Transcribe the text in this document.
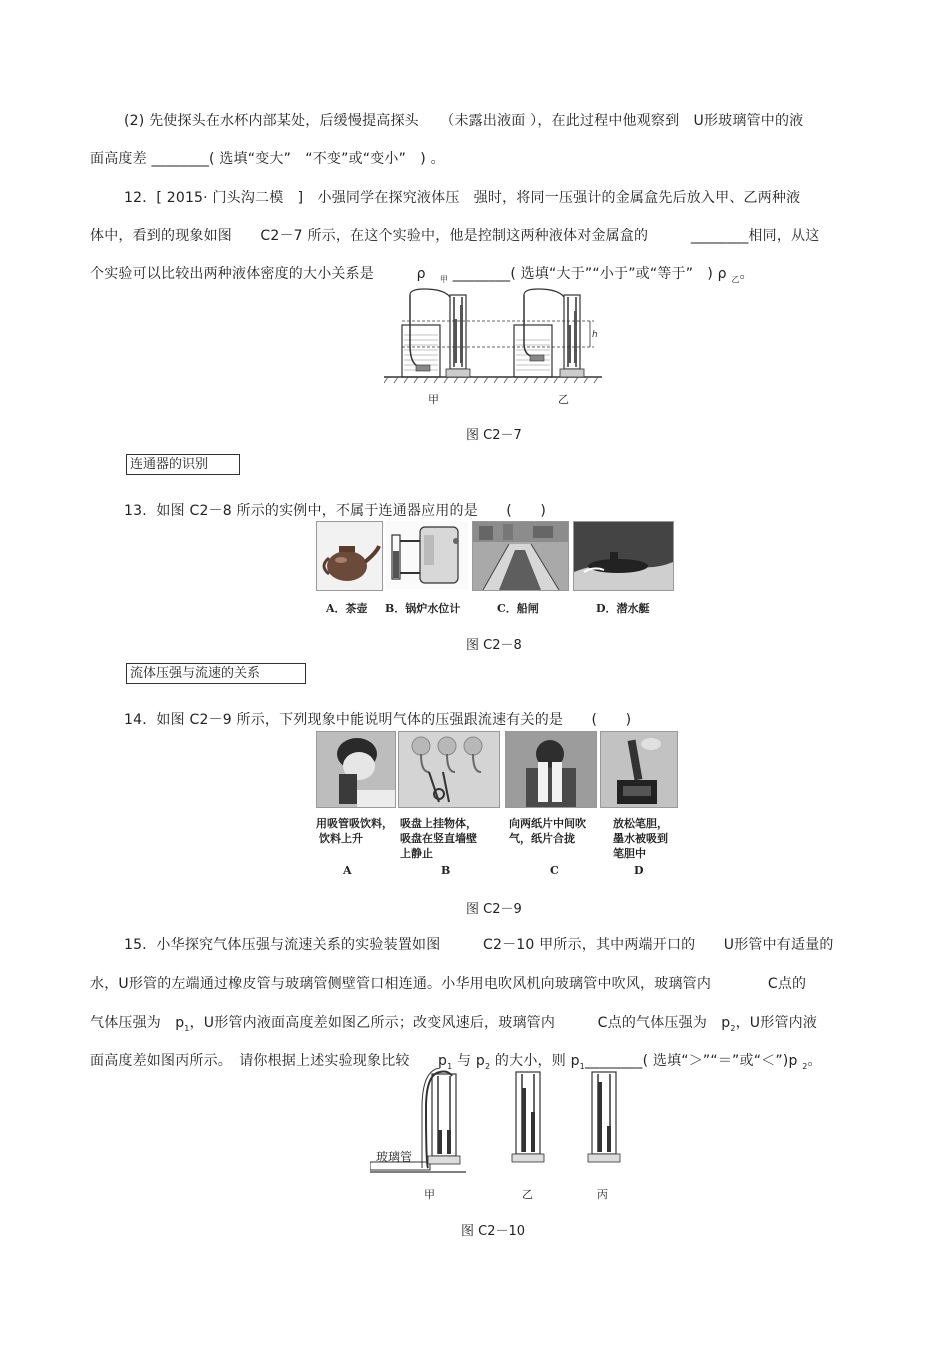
(2) 先使探头在水杯内部某处，后缓慢提高探头　　（未露出液面 ），在此过程中他观察到　U形玻璃管中的液
面高度差 ________( 选填“变大”　“不变”或“变小”　) 。
12．[ 2015· 门头沟二模　]　小强同学在探究液体压　强时，将同一压强计的金属盒先后放入甲、乙两种液
体中，看到的现象如图　　C2－7 所示，在这个实验中，他是控制这两种液体对金属盒的　　　________相同，从这
个实验可以比较出两种液体密度的大小关系是　　　ρ　$_甲$ ________( 选填“大于”“小于”或“等于”　) ρ $_乙$。
h
甲	乙
图 C2－7
连通器的识别
13．如图 C2－8 所示的实例中，不属于连通器应用的是　　(　　)
A．茶壶 B．锅炉水位计	C．船闸	D．潜水艇
图 C2－8
流体压强与流速的关系
14．如图 C2－9 所示，下列现象中能说明气体的压强跟流速有关的是　　(　　)
用吸管吸饮料，
饮料上升
吸盘上挂物体，
吸盘在竖直墙壁
上静止
向两纸片中间吹
气，纸片合拢
放松笔胆，
墨水被吸到
笔胆中
A	B	C	D
图 C2－9
15．小华探究气体压强与流速关系的实验装置如图　　　C2－10 甲所示，其中两端开口的　　U形管中有适量的
水，U形管的左端通过橡皮管与玻璃管侧壁管口相连通。小华用电吹风机向玻璃管中吹风，玻璃管内　　　　C点的
气体压强为　$p_1$，U形管内液面高度差如图乙所示；改变风速后，玻璃管内　　　C点的气体压强为　$p_2$，U形管内液
面高度差如图丙所示。　请你根据上述实验现象比较　　$p_1$ 与 $p_2$ 的大小，则 $p_1\_\_\_\_\_\_\_\_$( 选填“＞”“＝”或“＜”)p $_2$。
玻璃管
甲	乙	丙
图 C2－10
